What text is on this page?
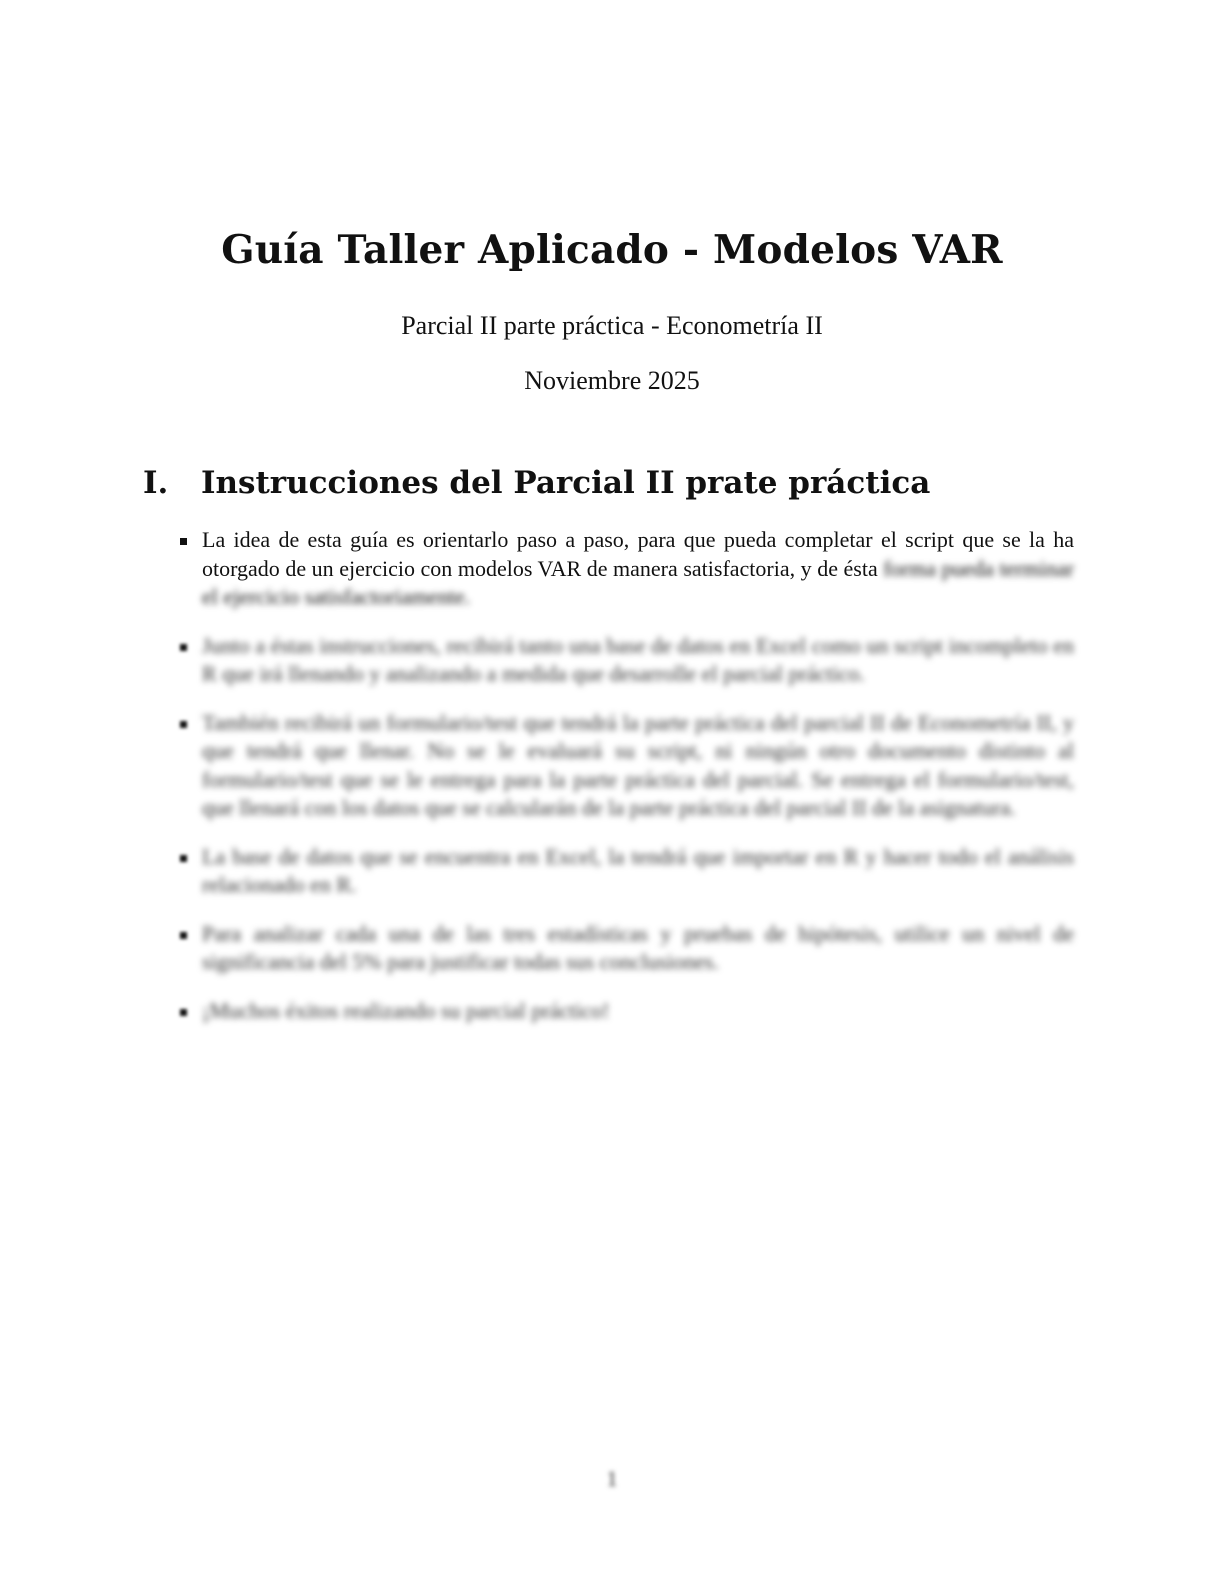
Guía Taller Aplicado - Modelos VAR
Parcial II parte práctica - Econometría II
Noviembre 2025
I. Instrucciones del Parcial II prate práctica
La idea de esta guía es orientarlo paso a paso, para que pueda completar el script que se la ha otorgado de un ejercicio con modelos VAR de manera satisfactoria, y de ésta forma pueda terminar el ejercicio satisfactoriamente.
Junto a éstas instrucciones, recibirá tanto una base de datos en Excel como un script incompleto en R que irá llenando y analizando a medida que desarrolle el parcial práctico.
También recibirá un formulario/test que tendrá la parte práctica del parcial II de Econometría II, y que tendrá que llenar. No se le evaluará su script, ni ningún otro documento distinto al formulario/test que se le entrega para la parte práctica del parcial. Se entrega el formulario/test, que llenará con los datos que se calcularán de la parte práctica del parcial II de la asignatura.
La base de datos que se encuentra en Excel, la tendrá que importar en R y hacer todo el análisis relacionado en R.
Para analizar cada una de las tres estadísticas y pruebas de hipótesis, utilice un nivel de significancia del 5% para justificar todas sus conclusiones.
¡Muchos éxitos realizando su parcial práctico!
1
